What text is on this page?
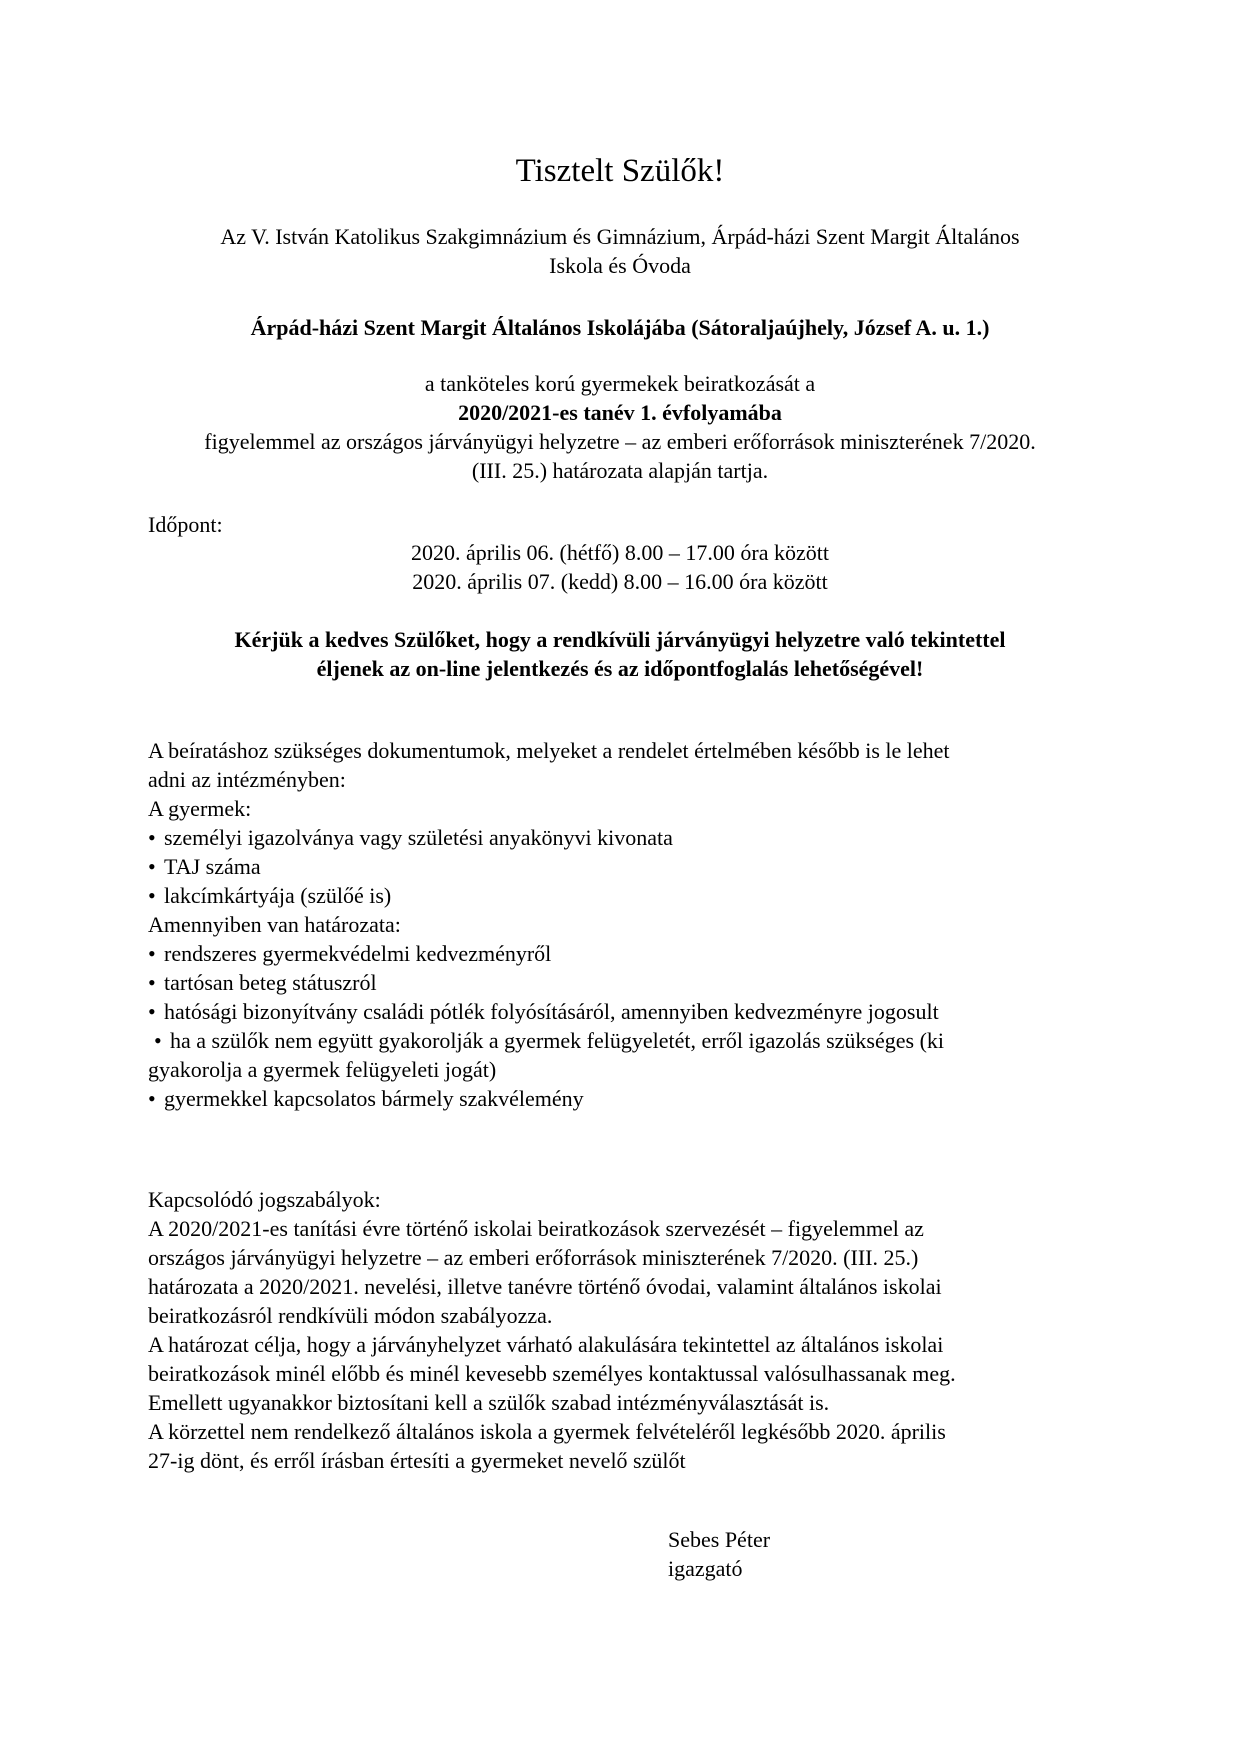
Tisztelt Szülők!
Az V. István Katolikus Szakgimnázium és Gimnázium, Árpád-házi Szent Margit Általános
Iskola és Óvoda
Árpád-házi Szent Margit Általános Iskolájába (Sátoraljaújhely, József A. u. 1.)
a tanköteles korú gyermekek beiratkozását a
2020/2021-es tanév 1. évfolyamába
figyelemmel az országos járványügyi helyzetre – az emberi erőforrások miniszterének 7/2020.
(III. 25.) határozata alapján tartja.
Időpont:
2020. április 06. (hétfő) 8.00 – 17.00 óra között
2020. április 07. (kedd) 8.00 – 16.00 óra között
Kérjük a kedves Szülőket, hogy a rendkívüli járványügyi helyzetre való tekintettel
éljenek az on-line jelentkezés és az időpontfoglalás lehetőségével!
A beíratáshoz szükséges dokumentumok, melyeket a rendelet értelmében később is le lehet
adni az intézményben:
A gyermek:
• személyi igazolványa vagy születési anyakönyvi kivonata
• TAJ száma
• lakcímkártyája (szülőé is)
Amennyiben van határozata:
• rendszeres gyermekvédelmi kedvezményről
• tartósan beteg státuszról
• hatósági bizonyítvány családi pótlék folyósításáról, amennyiben kedvezményre jogosult
• ha a szülők nem együtt gyakorolják a gyermek felügyeletét, erről igazolás szükséges (ki
gyakorolja a gyermek felügyeleti jogát)
• gyermekkel kapcsolatos bármely szakvélemény
Kapcsolódó jogszabályok:
A 2020/2021-es tanítási évre történő iskolai beiratkozások szervezését – figyelemmel az
országos járványügyi helyzetre – az emberi erőforrások miniszterének 7/2020. (III. 25.)
határozata a 2020/2021. nevelési, illetve tanévre történő óvodai, valamint általános iskolai
beiratkozásról rendkívüli módon szabályozza.
A határozat célja, hogy a járványhelyzet várható alakulására tekintettel az általános iskolai
beiratkozások minél előbb és minél kevesebb személyes kontaktussal valósulhassanak meg.
Emellett ugyanakkor biztosítani kell a szülők szabad intézményválasztását is.
A körzettel nem rendelkező általános iskola a gyermek felvételéről legkésőbb 2020. április
27-ig dönt, és erről írásban értesíti a gyermeket nevelő szülőt
Sebes Péter
igazgató
